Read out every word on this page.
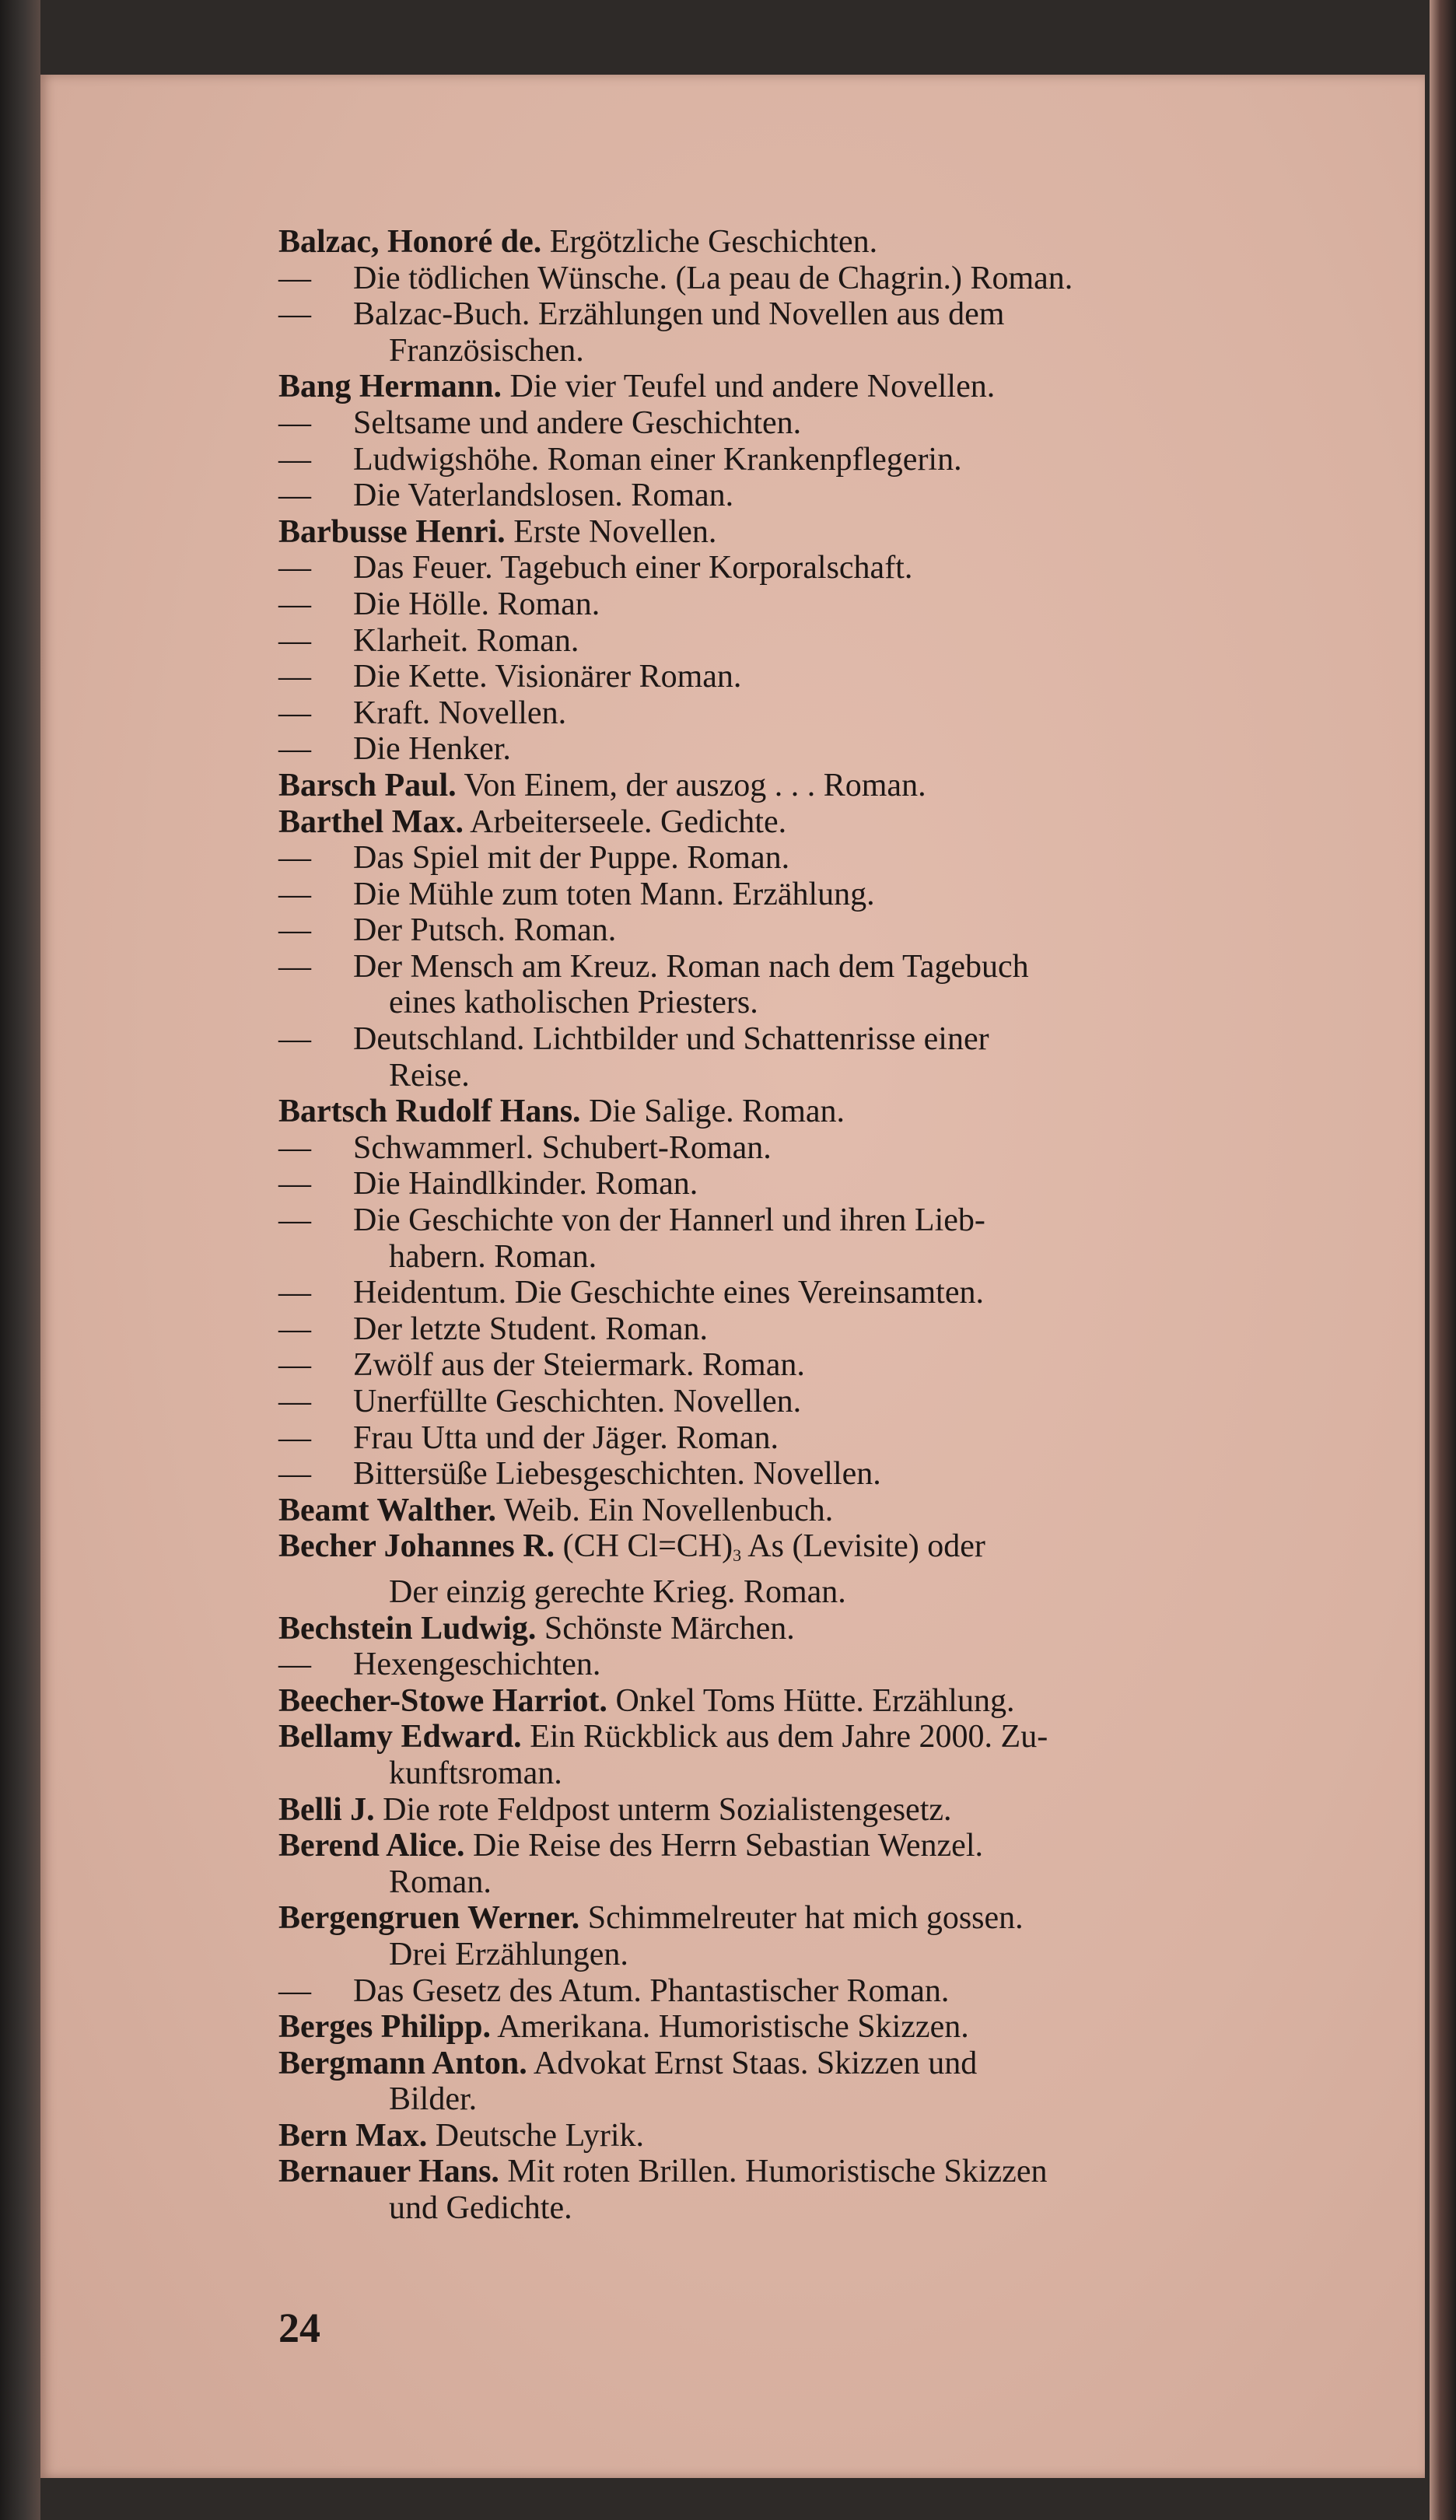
Balzac, Honoré de. Ergötzliche Geschichten.
— Die tödlichen Wünsche. (La peau de Chagrin.) Roman.
— Balzac-Buch. Erzählungen und Novellen aus dem
Französischen.
Bang Hermann. Die vier Teufel und andere Novellen.
— Seltsame und andere Geschichten.
— Ludwigshöhe. Roman einer Krankenpflegerin.
— Die Vaterlandslosen. Roman.
Barbusse Henri. Erste Novellen.
— Das Feuer. Tagebuch einer Korporalschaft.
— Die Hölle. Roman.
— Klarheit. Roman.
— Die Kette. Visionärer Roman.
— Kraft. Novellen.
— Die Henker.
Barsch Paul. Von Einem, der auszog . . . Roman.
Barthel Max. Arbeiterseele. Gedichte.
— Das Spiel mit der Puppe. Roman.
— Die Mühle zum toten Mann. Erzählung.
— Der Putsch. Roman.
— Der Mensch am Kreuz. Roman nach dem Tagebuch
eines katholischen Priesters.
— Deutschland. Lichtbilder und Schattenrisse einer
Reise.
Bartsch Rudolf Hans. Die Salige. Roman.
— Schwammerl. Schubert-Roman.
— Die Haindlkinder. Roman.
— Die Geschichte von der Hannerl und ihren Lieb-
habern. Roman.
— Heidentum. Die Geschichte eines Vereinsamten.
— Der letzte Student. Roman.
— Zwölf aus der Steiermark. Roman.
— Unerfüllte Geschichten. Novellen.
— Frau Utta und der Jäger. Roman.
— Bittersüße Liebesgeschichten. Novellen.
Beamt Walther. Weib. Ein Novellenbuch.
Becher Johannes R. (CH $Cl=CH)_3$ As (Levisite) oder
Der einzig gerechte Krieg. Roman.
Bechstein Ludwig. Schönste Märchen.
— Hexengeschichten.
Beecher-Stowe Harriot. Onkel Toms Hütte. Erzählung.
Bellamy Edward. Ein Rückblick aus dem Jahre 2000. Zu-
kunftsroman.
Belli J. Die rote Feldpost unterm Sozialistengesetz.
Berend Alice. Die Reise des Herrn Sebastian Wenzel.
Roman.
Bergengruen Werner. Schimmelreuter hat mich gossen.
Drei Erzählungen.
— Das Gesetz des Atum. Phantastischer Roman.
Berges Philipp. Amerikana. Humoristische Skizzen.
Bergmann Anton. Advokat Ernst Staas. Skizzen und
Bilder.
Bern Max. Deutsche Lyrik.
Bernauer Hans. Mit roten Brillen. Humoristische Skizzen
und Gedichte.
24
